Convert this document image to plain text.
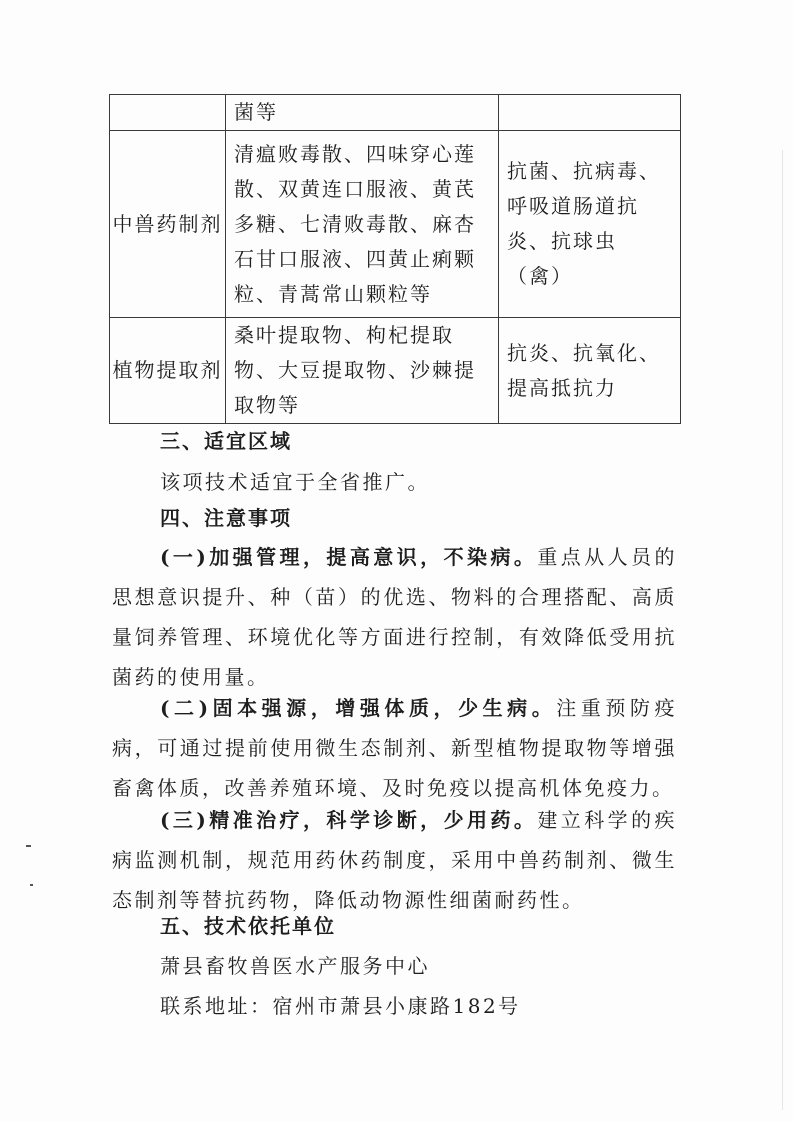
	菌等	
中兽药制剂	清瘟败毒散、四味穿心莲散、双黄连口服液、黄芪多糖、七清败毒散、麻杏石甘口服液、四黄止痢颗粒、青蒿常山颗粒等	抗菌、抗病毒、呼吸道肠道抗炎、抗球虫（禽）
植物提取剂	桑叶提取物、枸杞提取物、大豆提取物、沙棘提取物等	抗炎、抗氧化、提高抵抗力
三、适宜区域
该项技术适宜于全省推广。
四、注意事项

(一)加强管理，提高意识，不染病。重点从人员的思想意识提升、种（苗）的优选、物料的合理搭配、高质量饲养管理、环境优化等方面进行控制，有效降低受用抗菌药的使用量。

(二)固本强源，增强体质，少生病。注重预防疫病，可通过提前使用微生态制剂、新型植物提取物等增强畜禽体质，改善养殖环境、及时免疫以提高机体免疫力。

(三)精准治疗，科学诊断，少用药。建立科学的疾病监测机制，规范用药休药制度，采用中兽药制剂、微生态制剂等替抗药物，降低动物源性细菌耐药性。

五、技术依托单位
萧县畜牧兽医水产服务中心
联系地址：宿州市萧县小康路182号
